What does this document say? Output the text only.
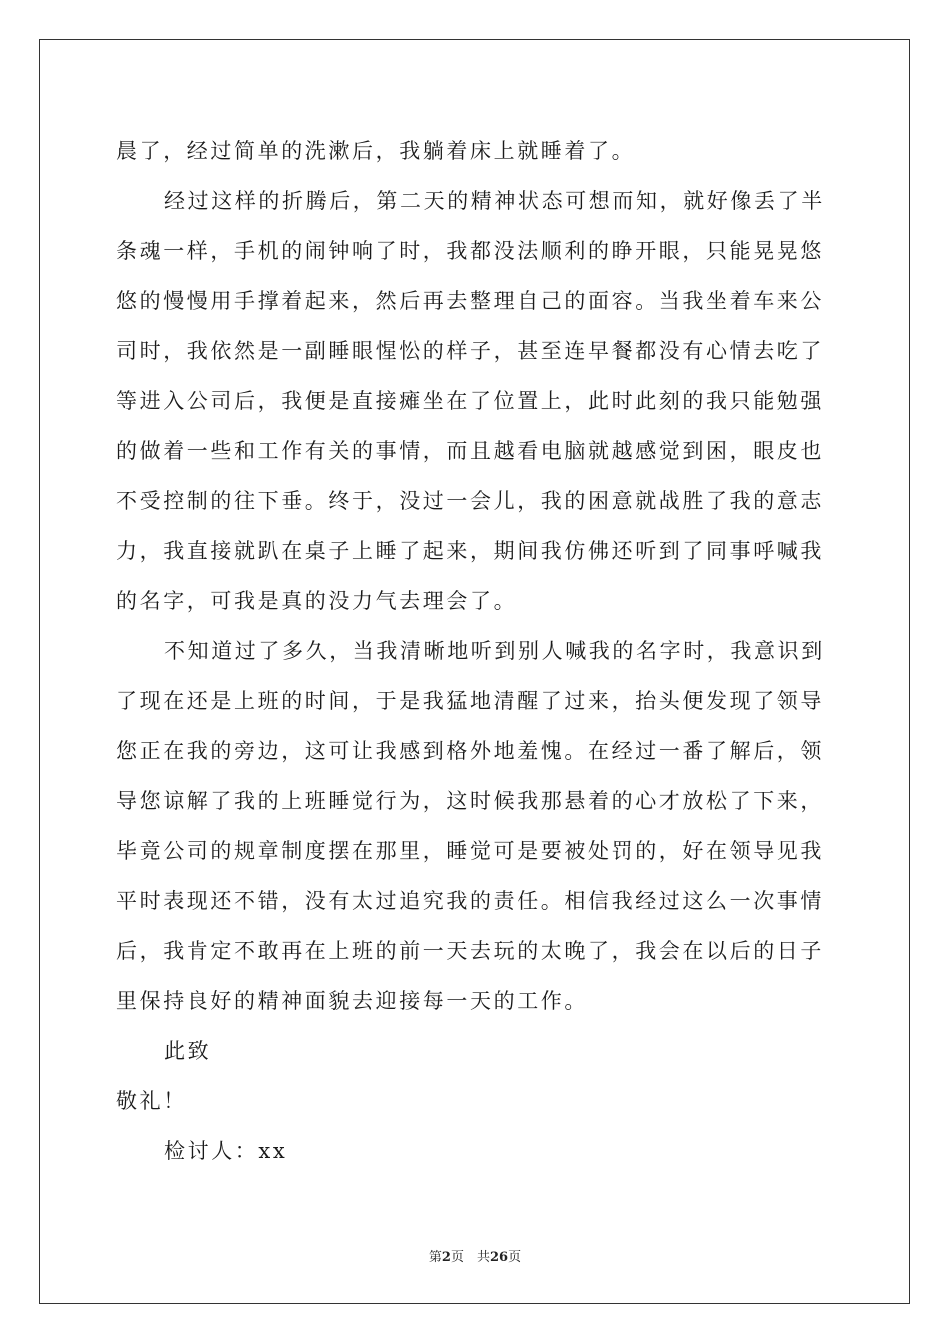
晨了，经过简单的洗漱后，我躺着床上就睡着了。
经过这样的折腾后，第二天的精神状态可想而知，就好像丢了半
条魂一样，手机的闹钟响了时，我都没法顺利的睁开眼，只能晃晃悠
悠的慢慢用手撑着起来，然后再去整理自己的面容。当我坐着车来公
司时，我依然是一副睡眼惺忪的样子，甚至连早餐都没有心情去吃了
等进入公司后，我便是直接瘫坐在了位置上，此时此刻的我只能勉强
的做着一些和工作有关的事情，而且越看电脑就越感觉到困，眼皮也
不受控制的往下垂。终于，没过一会儿，我的困意就战胜了我的意志
力，我直接就趴在桌子上睡了起来，期间我仿佛还听到了同事呼喊我
的名字，可我是真的没力气去理会了。
不知道过了多久，当我清晰地听到别人喊我的名字时，我意识到
了现在还是上班的时间，于是我猛地清醒了过来，抬头便发现了领导
您正在我的旁边，这可让我感到格外地羞愧。在经过一番了解后，领
导您谅解了我的上班睡觉行为，这时候我那悬着的心才放松了下来，
毕竟公司的规章制度摆在那里，睡觉可是要被处罚的，好在领导见我
平时表现还不错，没有太过追究我的责任。相信我经过这么一次事情
后，我肯定不敢再在上班的前一天去玩的太晚了，我会在以后的日子
里保持良好的精神面貌去迎接每一天的工作。
此致
敬礼！
检讨人：xx
第2页　共26页
